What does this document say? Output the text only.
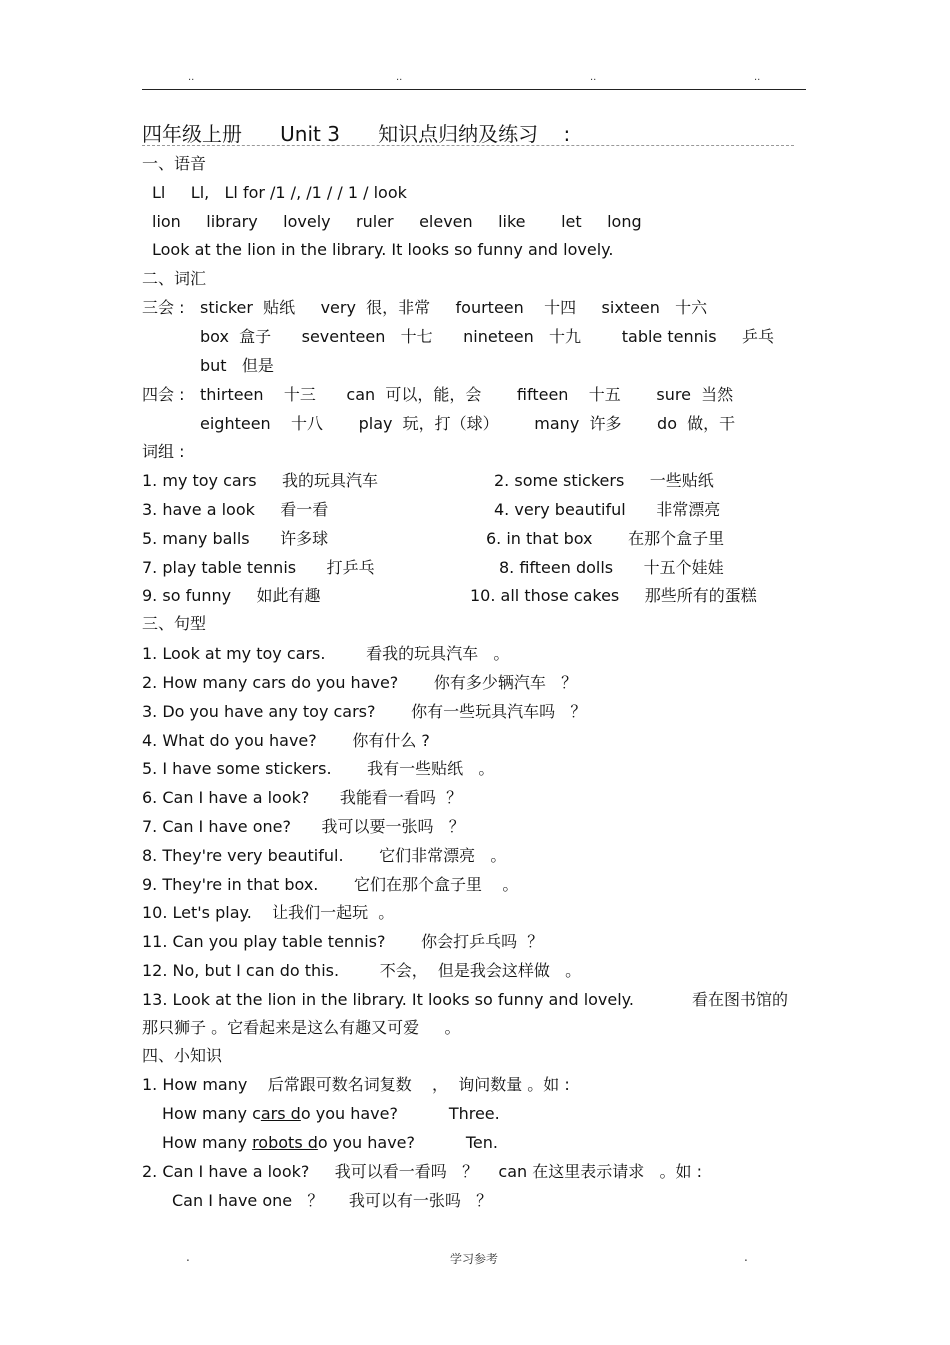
..	..	..	..
四年级上册      Unit 3      知识点归纳及练习    :
一、语音
Ll     Ll,   Ll for /1 /, /1 / / 1 / look
lion     library     lovely     ruler     eleven     like       let     long
Look at the lion in the library. It looks so funny and lovely.
二、词汇
三会 : sticker  贴纸     very  很，非常     fourteen    十四     sixteen   十六
box  盒子      seventeen   十七      nineteen   十九        table tennis     乒乓
but   但是
四会 : thirteen    十三      can  可以，能，会       fifteen    十五       sure  当然
eighteen    十八       play  玩，打（球）       many  许多       do  做，干
词组 :
1. my toy cars     我的玩具汽车	2. some stickers     一些贴纸
3. have a look     看一看	4. very beautiful      非常漂亮
5. many balls      许多球	6. in that box       在那个盒子里
7. play table tennis      打乒乓	8. fifteen dolls      十五个娃娃
9. so funny     如此有趣	10. all those cakes     那些所有的蛋糕
三、句型
1. Look at my toy cars.        看我的玩具汽车   。
2. How many cars do you have?       你有多少辆汽车   ？
3. Do you have any toy cars?       你有一些玩具汽车吗   ？
4. What do you have?       你有什么 ?
5. I have some stickers.       我有一些贴纸   。
6. Can I have a look?      我能看一看吗  ？
7. Can I have one?      我可以要一张吗   ？
8. They're very beautiful.       它们非常漂亮   。
9. They're in that box.       它们在那个盒子里    。
10. Let's play.    让我们一起玩  。
11. Can you play table tennis?       你会打乒乓吗  ？
12. No, but I can do this.        不会，  但是我会这样做   。
13. Look at the lion in the library. It looks so funny and lovely.	看在图书馆的
那只狮子 。它看起来是这么有趣又可爱     。
四、小知识
1. How many    后常跟可数名词复数    ，  询问数量 。如 :
How many cars do you have?          Three.
How many robots do you have?          Ten.
2. Can I have a look?     我可以看一看吗   ？    can 在这里表示请求   。如 :
Can I have one   ？     我可以有一张吗   ？
.	学习参考	.
